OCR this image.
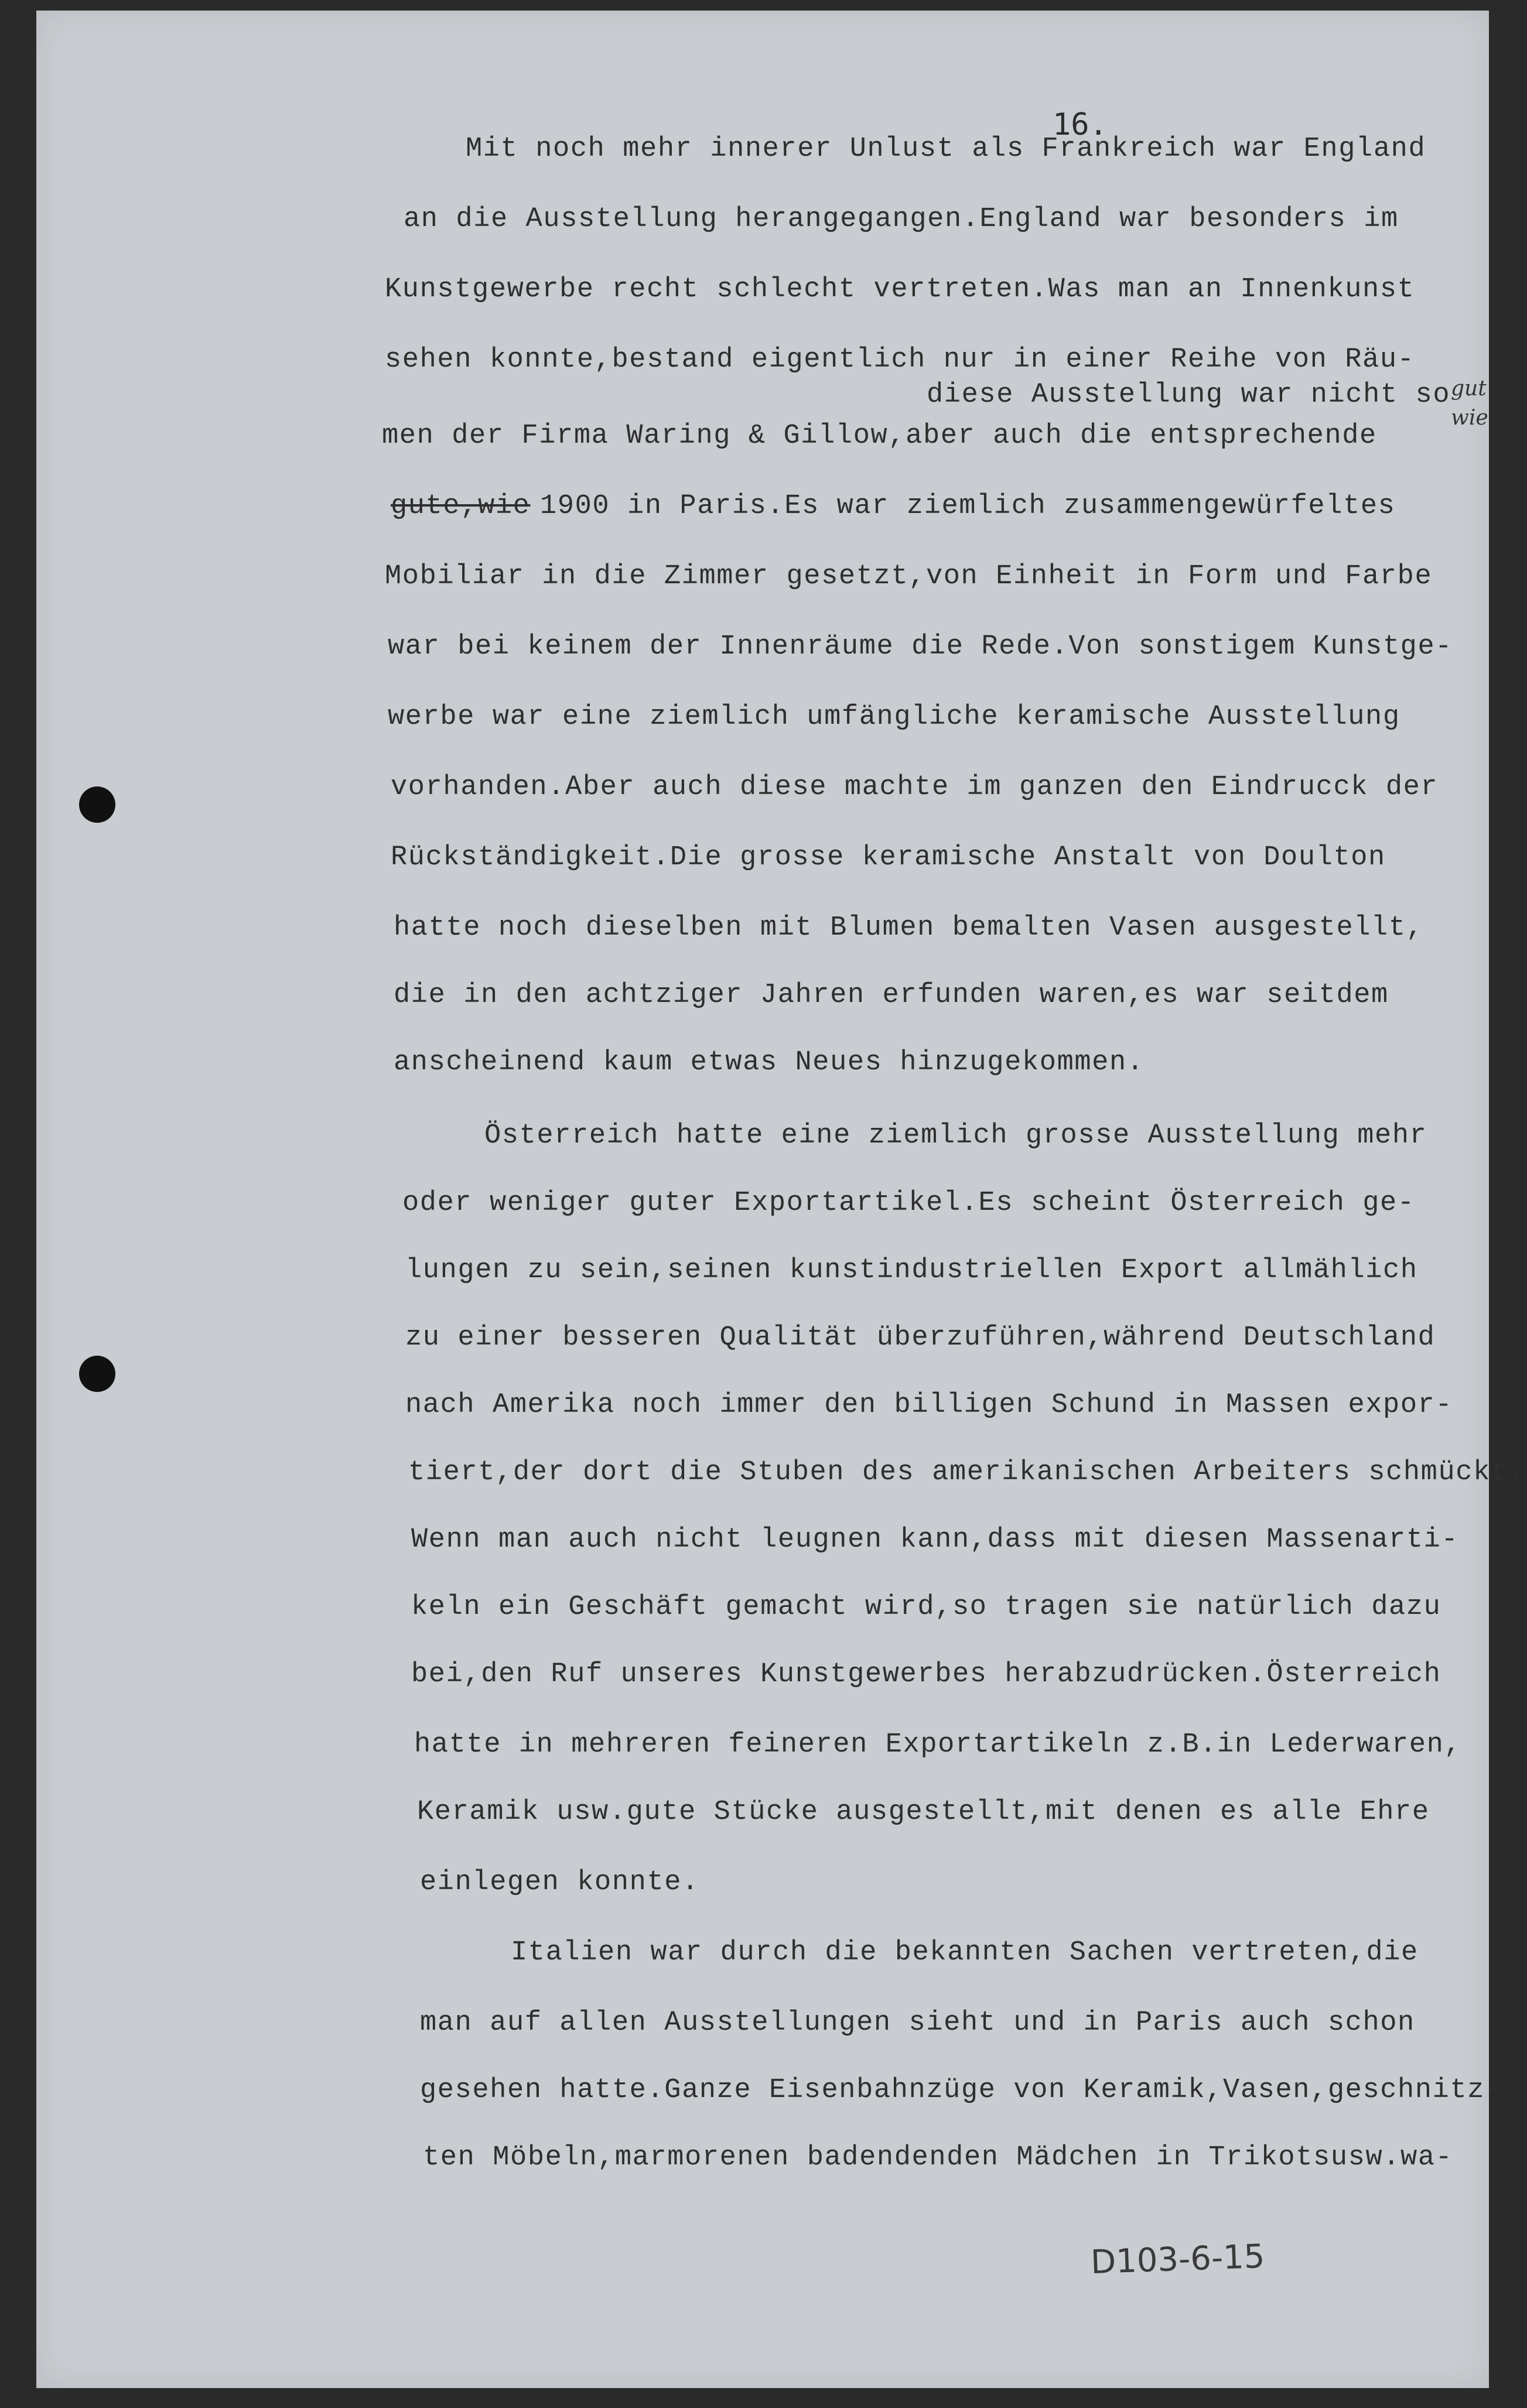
16.
Mit noch mehr innerer Unlust als Frankreich war England
an die Ausstellung herangegangen.England war besonders im
Kunstgewerbe recht schlecht vertreten.Was man an Innenkunst
sehen konnte,bestand eigentlich nur in einer Reihe von Räu-
diese Ausstellung war nicht so gut
wie
men der Firma Waring & Gillow,aber auch die entsprechende
gute,wie 1900 in Paris.Es war ziemlich zusammengewürfeltes
Mobiliar in die Zimmer gesetzt,von Einheit in Form und Farbe
war bei keinem der Innenräume die Rede.Von sonstigem Kunstge-
werbe war eine ziemlich umfängliche keramische Ausstellung
vorhanden.Aber auch diese machte im ganzen den Eindrucck der
Rückständigkeit.Die grosse keramische Anstalt von Doulton
hatte noch dieselben mit Blumen bemalten Vasen ausgestellt,
die in den achtziger Jahren erfunden waren,es war seitdem
anscheinend kaum etwas Neues hinzugekommen.
Österreich hatte eine ziemlich grosse Ausstellung mehr
oder weniger guter Exportartikel.Es scheint Österreich ge-
lungen zu sein,seinen kunstindustriellen Export allmählich
zu einer besseren Qualität überzuführen,während Deutschland
nach Amerika noch immer den billigen Schund in Massen expor-
tiert,der dort die Stuben des amerikanischen Arbeiters schmückt.
Wenn man auch nicht leugnen kann,dass mit diesen Massenarti-
keln ein Geschäft gemacht wird,so tragen sie natürlich dazu
bei,den Ruf unseres Kunstgewerbes herabzudrücken.Österreich
hatte in mehreren feineren Exportartikeln z.B.in Lederwaren,
Keramik usw.gute Stücke ausgestellt,mit denen es alle Ehre
einlegen konnte.
Italien war durch die bekannten Sachen vertreten,die
man auf allen Ausstellungen sieht und in Paris auch schon
gesehen hatte.Ganze Eisenbahnzüge von Keramik,Vasen,geschnitz-
ten Möbeln,marmorenen badendenden Mädchen in Trikotsusw.wa-
D103-6-15
